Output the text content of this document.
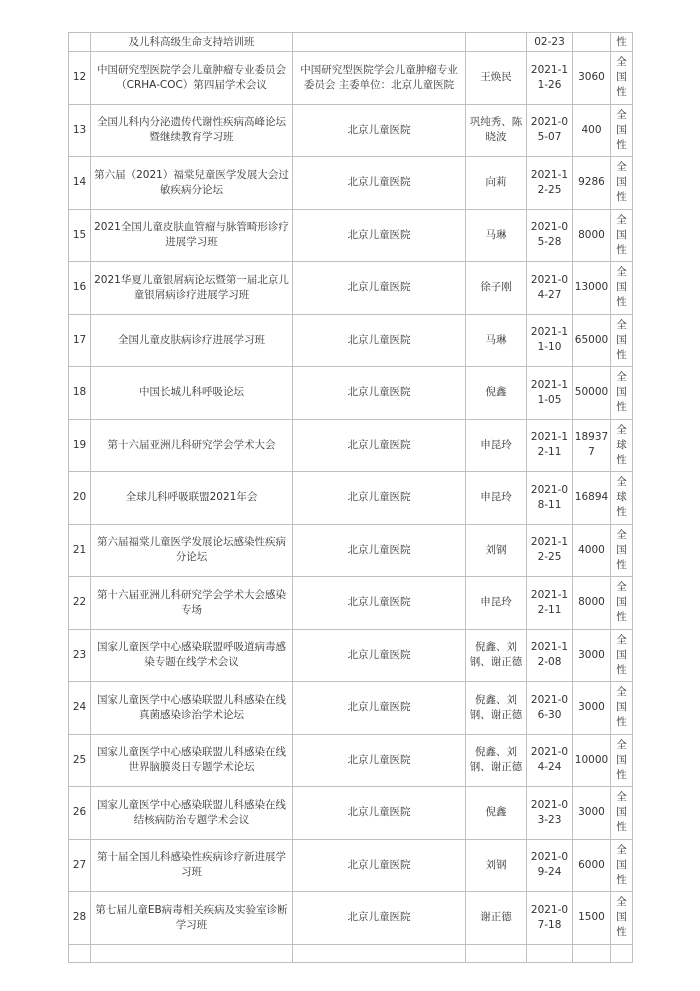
	及儿科高级生命支持培训班			02-23		性
12	中国研究型医院学会儿童肿瘤专业委员会（CRHA-COC）第四届学术会议	中国研究型医院学会儿童肿瘤专业委员会 主委单位：北京儿童医院	王焕民	2021-11-26	3060	全国性
13	全国儿科内分泌遗传代谢性疾病高峰论坛暨继续教育学习班	北京儿童医院	巩纯秀、陈晓波	2021-05-07	400	全国性
14	第六届（2021）福棠兒童医学发展大会过敏疾病分论坛	北京儿童医院	向莉	2021-12-25	9286	全国性
15	2021全国儿童皮肤血管瘤与脉管畸形诊疗进展学习班	北京儿童医院	马琳	2021-05-28	8000	全国性
16	2021华夏儿童银屑病论坛暨第一届北京儿童银屑病诊疗进展学习班	北京儿童医院	徐子刚	2021-04-27	13000	全国性
17	全国儿童皮肤病诊疗进展学习班	北京儿童医院	马琳	2021-11-10	65000	全国性
18	中国长城儿科呼吸论坛	北京儿童医院	倪鑫	2021-11-05	50000	全国性
19	第十六届亚洲儿科研究学会学术大会	北京儿童医院	申昆玲	2021-12-11	189377	全球性
20	全球儿科呼吸联盟2021年会	北京儿童医院	申昆玲	2021-08-11	16894	全球性
21	第六届福棠儿童医学发展论坛感染性疾病分论坛	北京儿童医院	刘钢	2021-12-25	4000	全国性
22	第十六届亚洲儿科研究学会学术大会感染专场	北京儿童医院	申昆玲	2021-12-11	8000	全国性
23	国家儿童医学中心感染联盟呼吸道病毒感染专题在线学术会议	北京儿童医院	倪鑫、刘钢、谢正德	2021-12-08	3000	全国性
24	国家儿童医学中心感染联盟儿科感染在线真菌感染诊治学术论坛	北京儿童医院	倪鑫、刘钢、谢正德	2021-06-30	3000	全国性
25	国家儿童医学中心感染联盟儿科感染在线世界脑膜炎日专题学术论坛	北京儿童医院	倪鑫、刘钢、谢正德	2021-04-24	10000	全国性
26	国家儿童医学中心感染联盟儿科感染在线结核病防治专题学术会议	北京儿童医院	倪鑫	2021-03-23	3000	全国性
27	第十届全国儿科感染性疾病诊疗新进展学习班	北京儿童医院	刘钢	2021-09-24	6000	全国性
28	第七届儿童EB病毒相关疾病及实验室诊断学习班	北京儿童医院	谢正德	2021-07-18	1500	全国性
